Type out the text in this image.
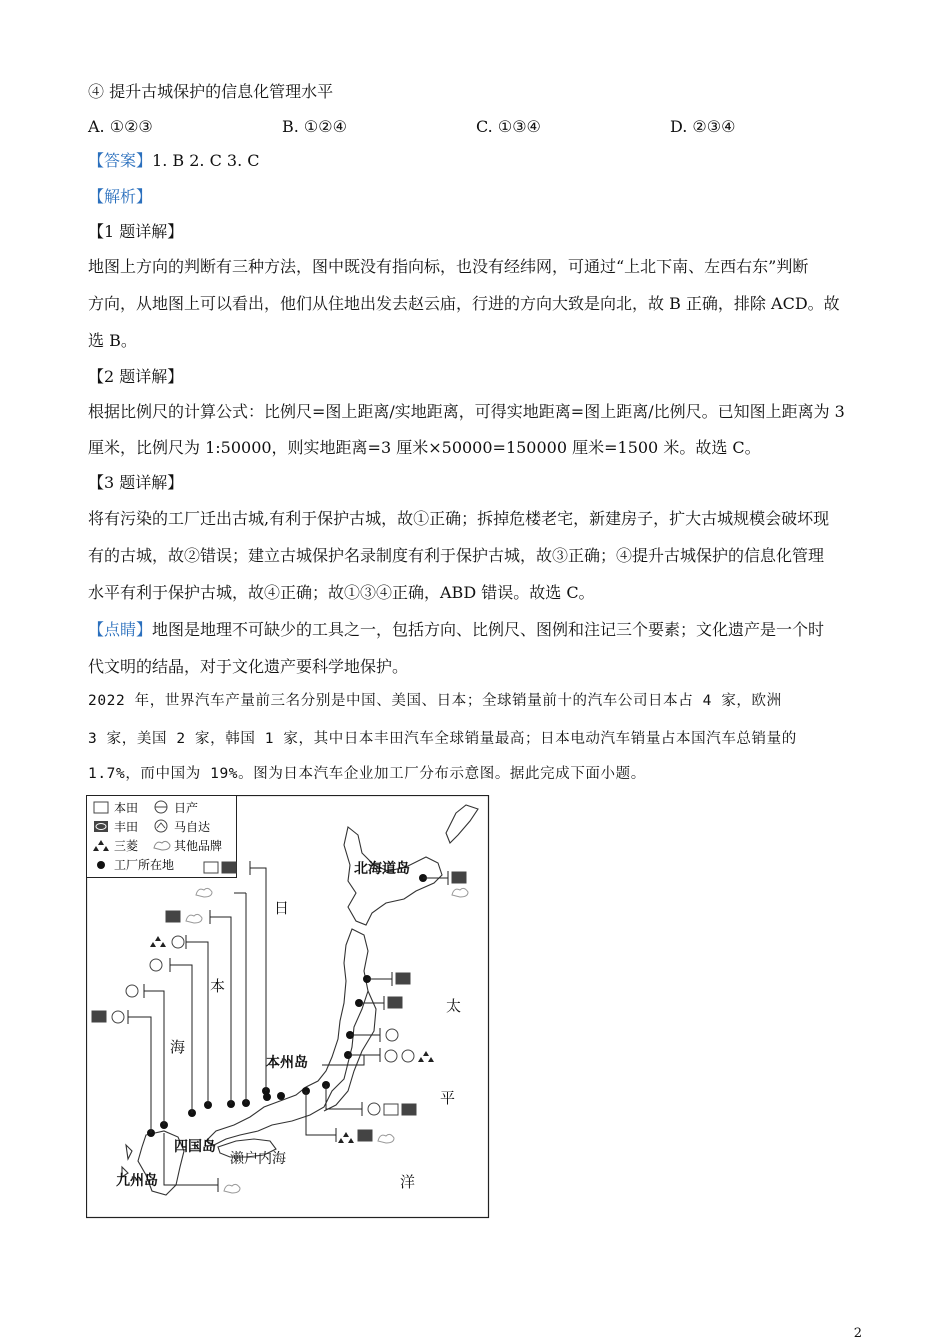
④ 提升古城保护的信息化管理水平
A. ①②③	B. ①②④	C. ①③④	D. ②③④
【答案】1. B 2. C 3. C
【解析】
【1 题详解】
地图上方向的判断有三种方法，图中既没有指向标，也没有经纬网，可通过“上北下南、左西右东”判断
方向，从地图上可以看出，他们从住地出发去赵云庙，行进的方向大致是向北，故 B 正确，排除 ACD。故
选 B。
【2 题详解】
根据比例尺的计算公式：比例尺=图上距离/实地距离，可得实地距离=图上距离/比例尺。已知图上距离为 3
厘米，比例尺为 1:50000，则实地距离=3 厘米×50000=150000 厘米=1500 米。故选 C。
【3 题详解】
将有污染的工厂迁出古城,有利于保护古城，故①正确；拆掉危楼老宅，新建房子，扩大古城规模会破坏现
有的古城，故②错误；建立古城保护名录制度有利于保护古城，故③正确；④提升古城保护的信息化管理
水平有利于保护古城，故④正确；故①③④正确，ABD 错误。故选 C。
【点睛】地图是地理不可缺少的工具之一，包括方向、比例尺、图例和注记三个要素；文化遗产是一个时
代文明的结晶，对于文化遗产要科学地保护。
2022 年，世界汽车产量前三名分别是中国、美国、日本；全球销量前十的汽车公司日本占 4 家，欧洲
3 家，美国 2 家，韩国 1 家，其中日本丰田汽车全球销量最高；日本电动汽车销量占本国汽车总销量的
1.7%，而中国为 19%。图为日本汽车企业加工厂分布示意图。据此完成下面小题。
本田	日产
丰田	马自达
三菱	其他品牌
工厂所在地	北海道岛
本州岛
四国岛
九州岛
濑户内海
日
本
海
太
平
洋
2
